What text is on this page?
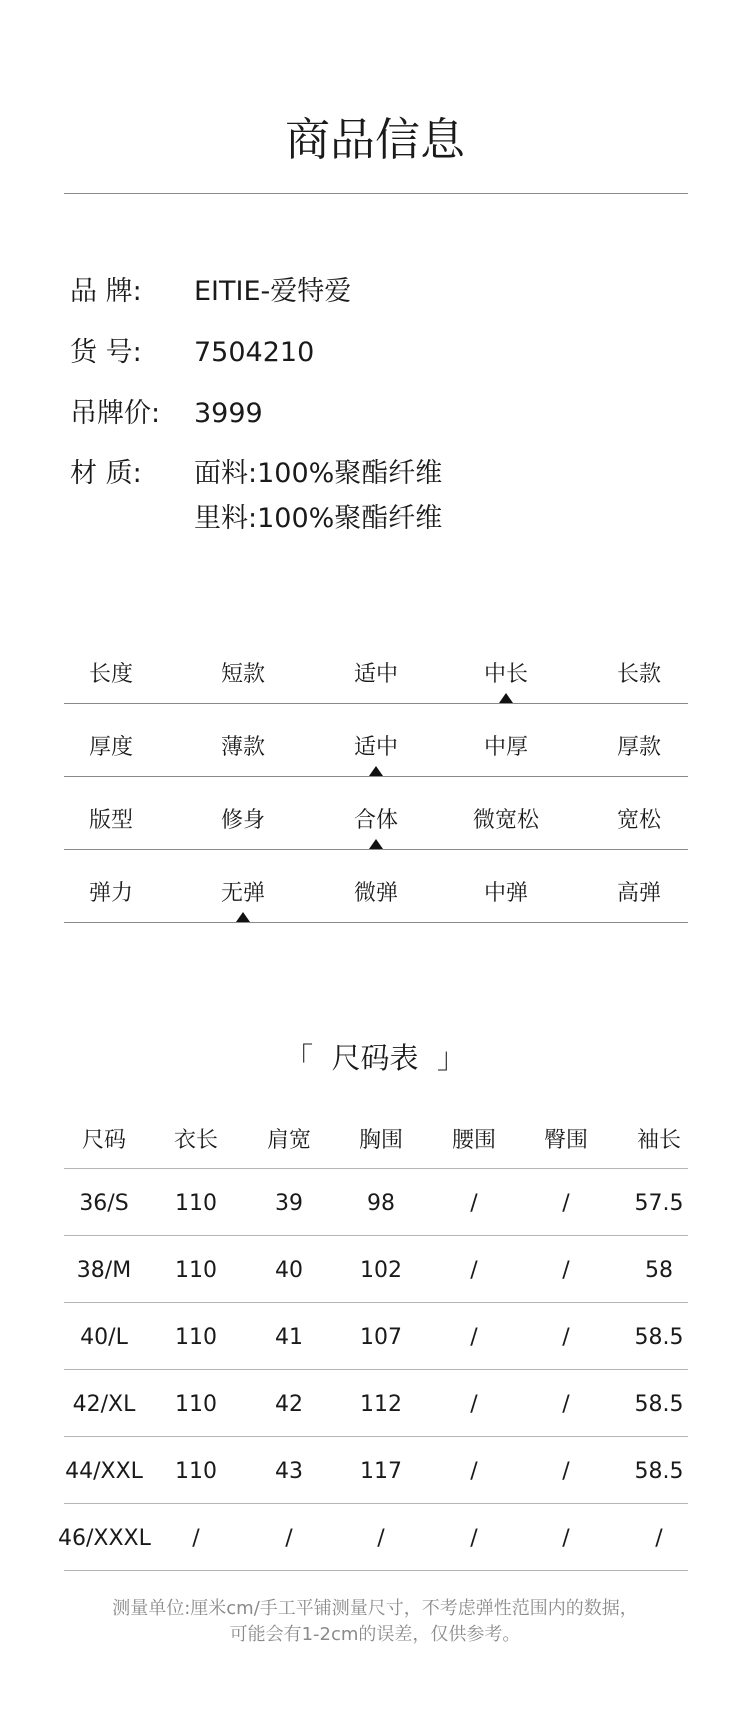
商品信息
品 牌: EITIE-爱特爱
货 号: 7504210
吊牌价: 3999
材 质: 面料:100%聚酯纤维
里料:100%聚酯纤维
长度	短款	适中	中长	长款
厚度	薄款	适中	中厚	厚款
版型	修身	合体	微宽松	宽松
弹力	无弹	微弹	中弹	高弹
「  尺码表  」
尺码	衣长	肩宽	胸围	腰围	臀围	袖长
36/S	110	39	98	/	/	57.5
38/M	110	40	102	/	/	58
40/L	110	41	107	/	/	58.5
42/XL	110	42	112	/	/	58.5
44/XXL	110	43	117	/	/	58.5
46/XXXL	/	/	/	/	/	/
测量单位:厘米cm/手工平铺测量尺寸，不考虑弹性范围内的数据，
可能会有1-2cm的误差，仅供参考。
